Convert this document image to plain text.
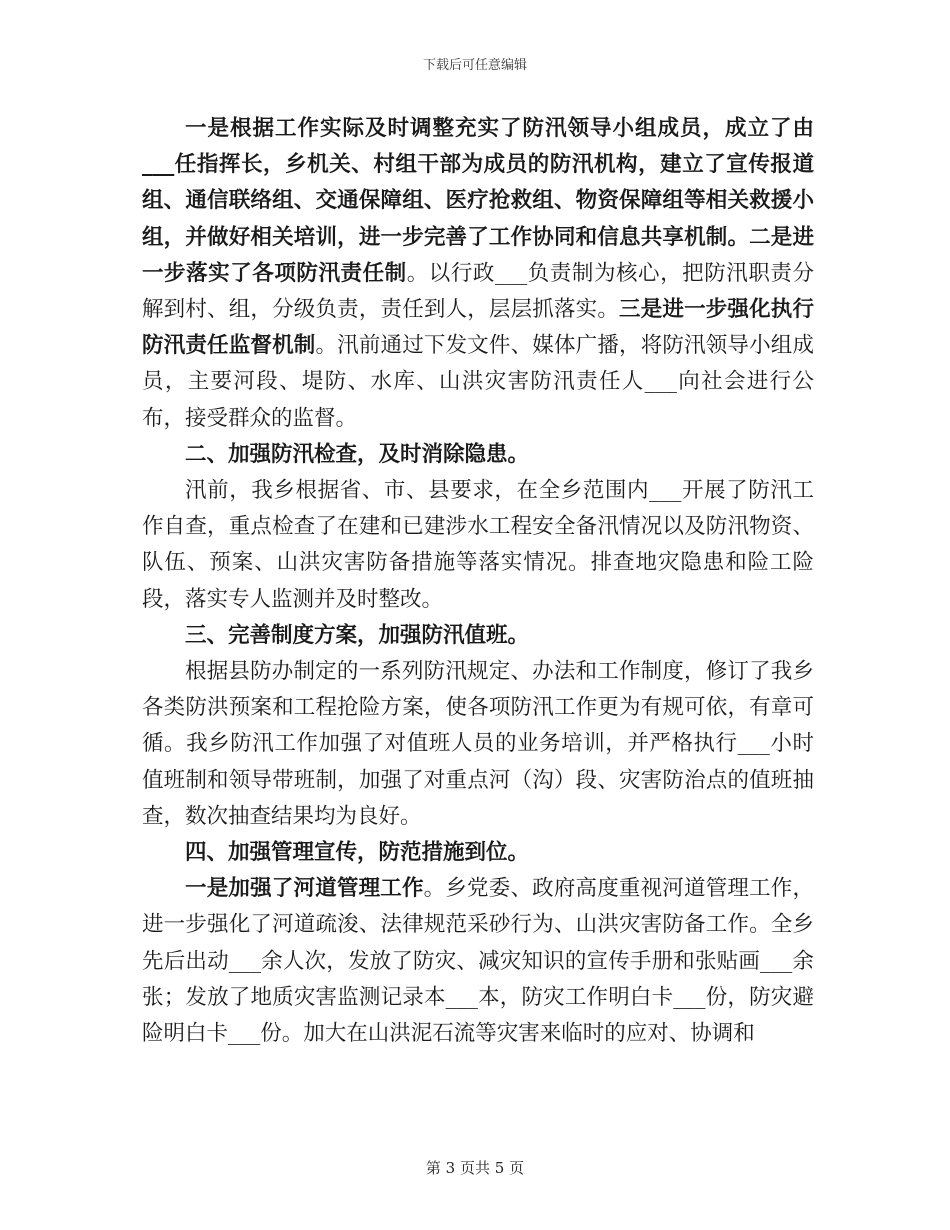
下载后可任意编辑

一是根据工作实际及时调整充实了防汛领导小组成员，成立了由___任指挥长，乡机关、村组干部为成员的防汛机构，建立了宣传报道组、通信联络组、交通保障组、医疗抢救组、物资保障组等相关救援小组，并做好相关培训，进一步完善了工作协同和信息共享机制。二是进一步落实了各项防汛责任制。以行政___负责制为核心，把防汛职责分解到村、组，分级负责，责任到人，层层抓落实。三是进一步强化执行防汛责任监督机制。汛前通过下发文件、媒体广播，将防汛领导小组成员，主要河段、堤防、水库、山洪灾害防汛责任人___向社会进行公布，接受群众的监督。

二、加强防汛检查，及时消除隐患。

汛前，我乡根据省、市、县要求，在全乡范围内___开展了防汛工作自查，重点检查了在建和已建涉水工程安全备汛情况以及防汛物资、队伍、预案、山洪灾害防备措施等落实情况。排查地灾隐患和险工险段，落实专人监测并及时整改。

三、完善制度方案，加强防汛值班。

根据县防办制定的一系列防汛规定、办法和工作制度，修订了我乡各类防洪预案和工程抢险方案，使各项防汛工作更为有规可依，有章可循。我乡防汛工作加强了对值班人员的业务培训，并严格执行___小时值班制和领导带班制，加强了对重点河（沟）段、灾害防治点的值班抽查，数次抽查结果均为良好。

四、加强管理宣传，防范措施到位。

一是加强了河道管理工作。乡党委、政府高度重视河道管理工作，进一步强化了河道疏浚、法律规范采砂行为、山洪灾害防备工作。全乡先后出动___余人次，发放了防灾、减灾知识的宣传手册和张贴画___余张；发放了地质灾害监测记录本___本，防灾工作明白卡___份，防灾避险明白卡___份。加大在山洪泥石流等灾害来临时的应对、协调和

第 3 页共 5 页
